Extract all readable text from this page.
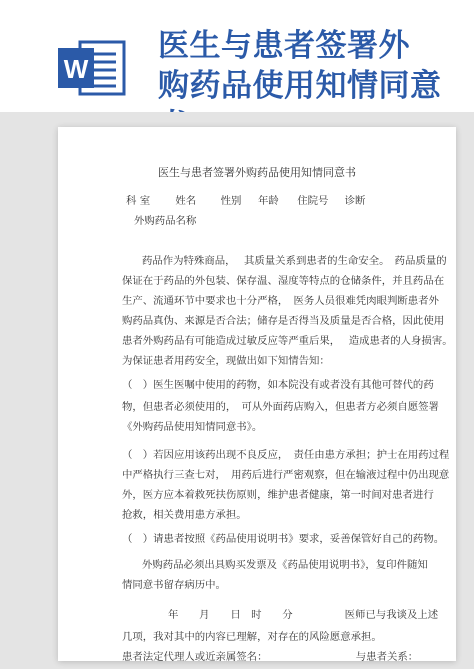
W
医生与患者签署外
购药品使用知情同意
医生与患者签署外购药品使用知情同意书
科 室 姓名 性别 年龄 住院号 诊断
外购药品名称
药品作为特殊商品，　 其质量关系到患者的生命安全。　药品质量的
保证在于药品的外包装、保存温、湿度等特点的仓储条件，并且药品在
生产、流通环节中要求也十分严格，　医务人员很难凭肉眼判断患者外
购药品真伪、来源是否合法；储存是否得当及质量是否合格，因此使用
患者外购药品有可能造成过敏反应等严重后果，　 造成患者的人身损害。
为保证患者用药安全，现做出如下知情告知：
（　）医生医嘱中使用的药物，如本院没有或者没有其他可替代的药
物，但患者必须使用的，　可从外面药店购入，但患者方必须自愿签署
《外购药品使用知情同意书》。
（　）若因应用该药出现不良反应，　责任由患方承担；护士在用药过程
中严格执行三查七对，　用药后进行严密观察，但在输液过程中仍出现意
外，医方应本着救死扶伤原则，维护患者健康，第一时间对患者进行
抢救，相关费用患方承担。
（　）请患者按照《药品使用说明书》要求，妥善保管好自己的药物。
外购药品必须出具购买发票及《药品使用说明书》，复印件随知
情同意书留存病历中。
年　　月　　日　时　　分　　　　　医师已与我谈及上述
几项，我对其中的内容已理解，对存在的风险愿意承担。
患者法定代理人或近亲属签名：　　　　　　　　　与患者关系：
